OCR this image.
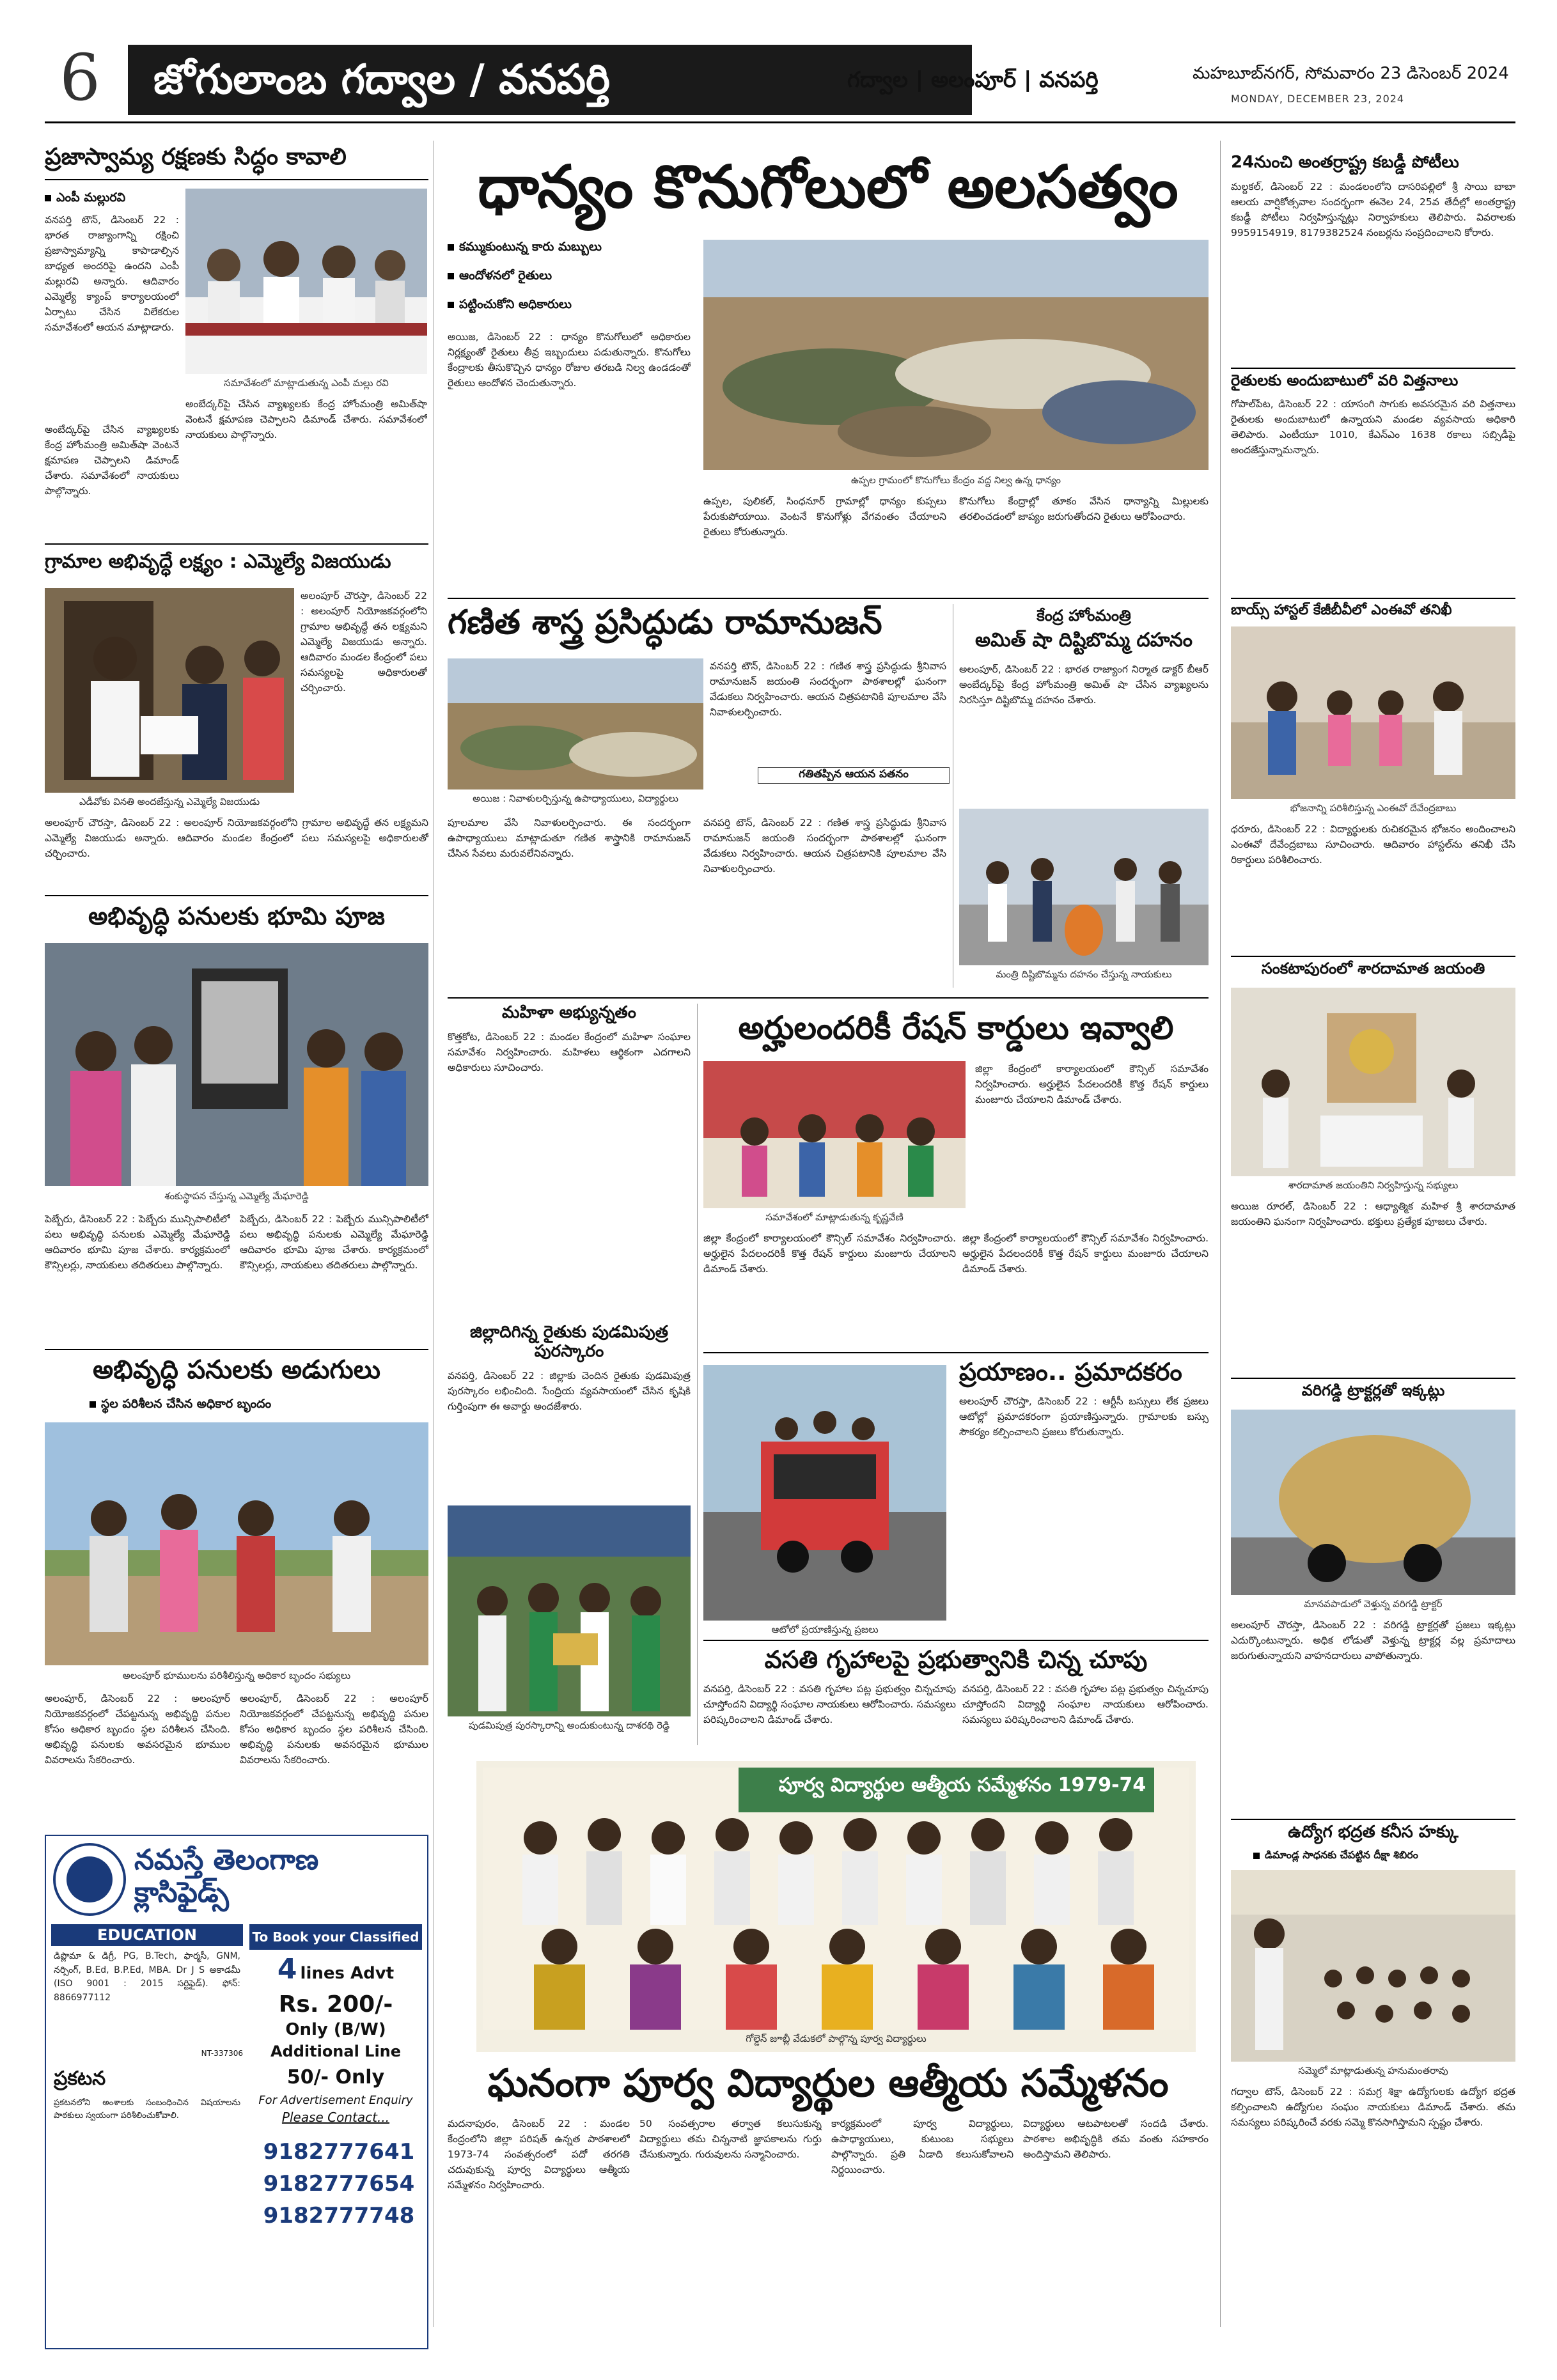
6	జోగులాంబ గద్వాల / వనపర్తి	గద్వాల | అలంపూర్ | వనపర్తి	మహబూబ్‌నగర్, సోమవారం 23 డిసెంబర్ 2024
MONDAY, DECEMBER 23, 2024
ప్రజాస్వామ్య రక్షణకు సిద్ధం కావాలి
ఎంపీ మల్లురవి
వనపర్తి టౌన్‌, డిసెంబర్‌ 22 : భారత రాజ్యాంగాన్ని రక్షించి ప్రజాస్వామ్యాన్ని కాపాడాల్సిన బాధ్యత అందరిపై ఉందని ఎంపీ మల్లురవి అన్నారు. ఆదివారం ఎమ్మెల్యే క్యాంప్‌ కార్యాలయంలో ఏర్పాటు చేసిన విలేకరుల సమావేశంలో ఆయన మాట్లాడారు.
సమావేశంలో మాట్లాడుతున్న ఎంపీ మల్లు రవి
అంబేద్కర్‌పై చేసిన వ్యాఖ్యలకు కేంద్ర హోంమంత్రి అమిత్‌షా వెంటనే క్షమాపణ చెప్పాలని డిమాండ్‌ చేశారు. సమావేశంలో నాయకులు పాల్గొన్నారు.
అంబేద్కర్‌పై చేసిన వ్యాఖ్యలకు కేంద్ర హోంమంత్రి అమిత్‌షా వెంటనే క్షమాపణ చెప్పాలని డిమాండ్‌ చేశారు. సమావేశంలో నాయకులు పాల్గొన్నారు.
గ్రామాల అభివృద్ధే లక్ష్యం : ఎమ్మెల్యే విజయుడు
ఎడీవోకు వినతి అందజేస్తున్న ఎమ్మెల్యే విజయుడు
అలంపూర్‌ చౌరస్తా, డిసెంబర్‌ 22 : అలంపూర్‌ నియోజకవర్గంలోని గ్రామాల అభివృద్ధే తన లక్ష్యమని ఎమ్మెల్యే విజయుడు అన్నారు. ఆదివారం మండల కేంద్రంలో పలు సమస్యలపై అధికారులతో చర్చించారు.
అలంపూర్‌ చౌరస్తా, డిసెంబర్‌ 22 : అలంపూర్‌ నియోజకవర్గంలోని గ్రామాల అభివృద్ధే తన లక్ష్యమని ఎమ్మెల్యే విజయుడు అన్నారు. ఆదివారం మండల కేంద్రంలో పలు సమస్యలపై అధికారులతో చర్చించారు.
అభివృద్ధి పనులకు భూమి పూజ
శంకుస్థాపన చేస్తున్న ఎమ్మెల్యే మేఘారెడ్డి
పెబ్బేరు, డిసెంబర్‌ 22 : పెబ్బేరు మున్సిపాలిటీలో పలు అభివృద్ధి పనులకు ఎమ్మెల్యే మేఘారెడ్డి ఆదివారం భూమి పూజ చేశారు. కార్యక్రమంలో కౌన్సిలర్లు, నాయకులు తదితరులు పాల్గొన్నారు.
పెబ్బేరు, డిసెంబర్‌ 22 : పెబ్బేరు మున్సిపాలిటీలో పలు అభివృద్ధి పనులకు ఎమ్మెల్యే మేఘారెడ్డి ఆదివారం భూమి పూజ చేశారు. కార్యక్రమంలో కౌన్సిలర్లు, నాయకులు తదితరులు పాల్గొన్నారు.
అభివృద్ధి పనులకు అడుగులు
స్థల పరిశీలన చేసిన అధికార బృందం
అలంపూర్‌ భూములను పరిశీలిస్తున్న అధికార బృందం సభ్యులు
అలంపూర్‌, డిసెంబర్‌ 22 : అలంపూర్‌ నియోజకవర్గంలో చేపట్టనున్న అభివృద్ధి పనుల కోసం అధికార బృందం స్థల పరిశీలన చేసింది. అభివృద్ధి పనులకు అవసరమైన భూముల వివరాలను సేకరించారు.
అలంపూర్‌, డిసెంబర్‌ 22 : అలంపూర్‌ నియోజకవర్గంలో చేపట్టనున్న అభివృద్ధి పనుల కోసం అధికార బృందం స్థల పరిశీలన చేసింది. అభివృద్ధి పనులకు అవసరమైన భూముల వివరాలను సేకరించారు.
నమస్తే తెలంగాణ క్లాసిఫైడ్స్
EDUCATION
డిప్లొమా & డిగ్రీ, PG, B.Tech, ఫార్మసీ, GNM, నర్సింగ్, B.Ed, B.P.Ed, MBA. Dr J S అకాడమీ (ISO 9001 : 2015 సర్టిఫైడ్). ఫోన్: 8866977112
NT-337306
ప్రకటన
ప్రకటనలోని అంశాలకు సంబంధించిన విషయాలను పాఠకులు స్వయంగా పరిశీలించుకోవాలి.
To Book your Classified
4 lines Advt
Rs. 200/-
Only (B/W)
Additional Line
50/- Only
For Advertisement Enquiry
Please Contact...
9182777641
9182777654
9182777748
ధాన్యం కొనుగోలులో అలసత్వం
కమ్ముకుంటున్న కారు మబ్బులు
ఆందోళనలో రైతులు
పట్టించుకోని అధికారులు
అయిజ, డిసెంబర్‌ 22 : ధాన్యం కొనుగోలులో అధికారుల నిర్లక్ష్యంతో రైతులు తీవ్ర ఇబ్బందులు పడుతున్నారు. కొనుగోలు కేంద్రాలకు తీసుకొచ్చిన ధాన్యం రోజుల తరబడి నిల్వ ఉండడంతో రైతులు ఆందోళన చెందుతున్నారు.
ఉప్పల గ్రామంలో కొనుగోలు కేంద్రం వద్ద నిల్వ ఉన్న ధాన్యం
ఉప్పల, పులికల్‌, సింధనూర్‌ గ్రామాల్లో ధాన్యం కుప్పలు పేరుకుపోయాయి. వెంటనే కొనుగోళ్లు వేగవంతం చేయాలని రైతులు కోరుతున్నారు.
కొనుగోలు కేంద్రాల్లో తూకం వేసిన ధాన్యాన్ని మిల్లులకు తరలించడంలో జాప్యం జరుగుతోందని రైతులు ఆరోపించారు.
గణిత శాస్త్ర ప్రసిద్ధుడు రామానుజన్‌
అయిజ : నివాళులర్పిస్తున్న ఉపాధ్యాయులు, విద్యార్థులు
వనపర్తి టౌన్‌, డిసెంబర్‌ 22 : గణిత శాస్త్ర ప్రసిద్ధుడు శ్రీనివాస రామానుజన్‌ జయంతి సందర్భంగా పాఠశాలల్లో ఘనంగా వేడుకలు నిర్వహించారు. ఆయన చిత్రపటానికి పూలమాల వేసి నివాళులర్పించారు.
పూలమాల వేసి నివాళులర్పించారు. ఈ సందర్భంగా ఉపాధ్యాయులు మాట్లాడుతూ గణిత శాస్త్రానికి రామానుజన్‌ చేసిన సేవలు మరువలేనివన్నారు.
వనపర్తి టౌన్‌, డిసెంబర్‌ 22 : గణిత శాస్త్ర ప్రసిద్ధుడు శ్రీనివాస రామానుజన్‌ జయంతి సందర్భంగా పాఠశాలల్లో ఘనంగా వేడుకలు నిర్వహించారు. ఆయన చిత్రపటానికి పూలమాల వేసి నివాళులర్పించారు.
కేంద్ర హోంమంత్రి
అమిత్‌ షా దిష్టిబొమ్మ దహనం
అలంపూర్‌, డిసెంబర్‌ 22 : భారత రాజ్యాంగ నిర్మాత డాక్టర్‌ బీఆర్‌ అంబేద్కర్‌పై కేంద్ర హోంమంత్రి అమిత్‌ షా చేసిన వ్యాఖ్యలను నిరసిస్తూ దిష్టిబొమ్మ దహనం చేశారు.
గతితప్పిన ఆయన పతనం
మంత్రి దిష్టిబొమ్మను దహనం చేస్తున్న నాయకులు
మహిళా అభ్యున్నతం
కొత్తకోట, డిసెంబర్‌ 22 : మండల కేంద్రంలో మహిళా సంఘాల సమావేశం నిర్వహించారు. మహిళలు ఆర్థికంగా ఎదగాలని అధికారులు సూచించారు.
జిల్లాదిగిన్న రైతుకు పుడమిపుత్ర పురస్కారం
వనపర్తి, డిసెంబర్‌ 22 : జిల్లాకు చెందిన రైతుకు పుడమిపుత్ర పురస్కారం లభించింది. సేంద్రియ వ్యవసాయంలో చేసిన కృషికి గుర్తింపుగా ఈ అవార్డు అందజేశారు.
పుడమిపుత్ర పురస్కారాన్ని అందుకుంటున్న దాశరథి రెడ్డి
అర్హులందరికీ రేషన్‌ కార్డులు ఇవ్వాలి
సమావేశంలో మాట్లాడుతున్న కృష్ణవేణి
జిల్లా కేంద్రంలో కార్యాలయంలో కౌన్సిల్‌ సమావేశం నిర్వహించారు. అర్హులైన పేదలందరికీ కొత్త రేషన్‌ కార్డులు మంజూరు చేయాలని డిమాండ్‌ చేశారు.
జిల్లా కేంద్రంలో కార్యాలయంలో కౌన్సిల్‌ సమావేశం నిర్వహించారు. అర్హులైన పేదలందరికీ కొత్త రేషన్‌ కార్డులు మంజూరు చేయాలని డిమాండ్‌ చేశారు.
జిల్లా కేంద్రంలో కార్యాలయంలో కౌన్సిల్‌ సమావేశం నిర్వహించారు. అర్హులైన పేదలందరికీ కొత్త రేషన్‌ కార్డులు మంజూరు చేయాలని డిమాండ్‌ చేశారు.
ప్రయాణం.. ప్రమాదకరం
ఆటోలో ప్రయాణిస్తున్న ప్రజలు
అలంపూర్‌ చౌరస్తా, డిసెంబర్‌ 22 : ఆర్టీసీ బస్సులు లేక ప్రజలు ఆటోల్లో ప్రమాదకరంగా ప్రయాణిస్తున్నారు. గ్రామాలకు బస్సు సౌకర్యం కల్పించాలని ప్రజలు కోరుతున్నారు.
వసతి గృహాలపై ప్రభుత్వానికి చిన్న చూపు
వనపర్తి, డిసెంబర్‌ 22 : వసతి గృహాల పట్ల ప్రభుత్వం చిన్నచూపు చూస్తోందని విద్యార్థి సంఘాల నాయకులు ఆరోపించారు. సమస్యలు పరిష్కరించాలని డిమాండ్‌ చేశారు.
వనపర్తి, డిసెంబర్‌ 22 : వసతి గృహాల పట్ల ప్రభుత్వం చిన్నచూపు చూస్తోందని విద్యార్థి సంఘాల నాయకులు ఆరోపించారు. సమస్యలు పరిష్కరించాలని డిమాండ్‌ చేశారు.
పూర్వ విద్యార్థుల ఆత్మీయ సమ్మేళనం 1979-74
గోల్డెన్‌ జూబ్లీ వేడుకలో పాల్గొన్న పూర్వ విద్యార్థులు
ఘనంగా పూర్వ విద్యార్థుల ఆత్మీయ సమ్మేళనం
మదనాపురం, డిసెంబర్‌ 22 : మండల కేంద్రంలోని జిల్లా పరిషత్‌ ఉన్నత పాఠశాలలో 1973-74 సంవత్సరంలో పదో తరగతి చదువుకున్న పూర్వ విద్యార్థులు ఆత్మీయ సమ్మేళనం నిర్వహించారు.
50 సంవత్సరాల తర్వాత కలుసుకున్న విద్యార్థులు తమ చిన్ననాటి జ్ఞాపకాలను గుర్తు చేసుకున్నారు. గురువులను సన్మానించారు.
కార్యక్రమంలో పూర్వ విద్యార్థులు, ఉపాధ్యాయులు, కుటుంబ సభ్యులు పాల్గొన్నారు. ప్రతి ఏడాది కలుసుకోవాలని నిర్ణయించారు.
విద్యార్థులు ఆటపాటలతో సందడి చేశారు. పాఠశాల అభివృద్ధికి తమ వంతు సహకారం అందిస్తామని తెలిపారు.
24నుంచి అంతర్రాష్ట్ర కబడ్డీ పోటీలు
మల్దకల్‌, డిసెంబర్‌ 22 : మండలంలోని దాసరిపల్లిలో శ్రీ సాయి బాబా ఆలయ వార్షికోత్సవాల సందర్భంగా ఈనెల 24, 25వ తేదీల్లో అంతర్రాష్ట్ర కబడ్డీ పోటీలు నిర్వహిస్తున్నట్లు నిర్వాహకులు తెలిపారు. వివరాలకు 9959154919, 8179382524 నంబర్లను సంప్రదించాలని కోరారు.
రైతులకు అందుబాటులో వరి విత్తనాలు
గోపాల్‌పేట, డిసెంబర్‌ 22 : యాసంగి సాగుకు అవసరమైన వరి విత్తనాలు రైతులకు అందుబాటులో ఉన్నాయని మండల వ్యవసాయ అధికారి తెలిపారు. ఎంటీయూ 1010, కేఎన్‌ఎం 1638 రకాలు సబ్సిడీపై అందజేస్తున్నామన్నారు.
బాయ్స్‌ హాస్టల్‌ కేజీబీవీలో ఎంఈవో తనిఖీ
భోజనాన్ని పరిశీలిస్తున్న ఎంఈవో దేవేంద్రబాబు
ధరూరు, డిసెంబర్‌ 22 : విద్యార్థులకు రుచికరమైన భోజనం అందించాలని ఎంఈవో దేవేంద్రబాబు సూచించారు. ఆదివారం హాస్టల్‌ను తనిఖీ చేసి రికార్డులు పరిశీలించారు.
సంకటాపురంలో శారదామాత జయంతి
శారదామాత జయంతిని నిర్వహిస్తున్న సభ్యులు
అయిజ రూరల్‌, డిసెంబర్‌ 22 : ఆధ్యాత్మిక మహిళ శ్రీ శారదామాత జయంతిని ఘనంగా నిర్వహించారు. భక్తులు ప్రత్యేక పూజలు చేశారు.
వరిగడ్డి ట్రాక్టర్లతో ఇక్కట్లు
మానవపాడులో వెళ్తున్న వరిగడ్డి ట్రాక్టర్‌
అలంపూర్‌ చౌరస్తా, డిసెంబర్‌ 22 : వరిగడ్డి ట్రాక్టర్లతో ప్రజలు ఇక్కట్లు ఎదుర్కొంటున్నారు. అధిక లోడుతో వెళ్తున్న ట్రాక్టర్ల వల్ల ప్రమాదాలు జరుగుతున్నాయని వాహనదారులు వాపోతున్నారు.
ఉద్యోగ భద్రత కనీస హక్కు
డిమాండ్ల సాధనకు చేపట్టిన దీక్షా శిబిరం
సమ్మెలో మాట్లాడుతున్న హనుమంతరావు
గద్వాల టౌన్‌, డిసెంబర్‌ 22 : సమగ్ర శిక్షా ఉద్యోగులకు ఉద్యోగ భద్రత కల్పించాలని ఉద్యోగుల సంఘం నాయకులు డిమాండ్‌ చేశారు. తమ సమస్యలు పరిష్కరించే వరకు సమ్మె కొనసాగిస్తామని స్పష్టం చేశారు.
